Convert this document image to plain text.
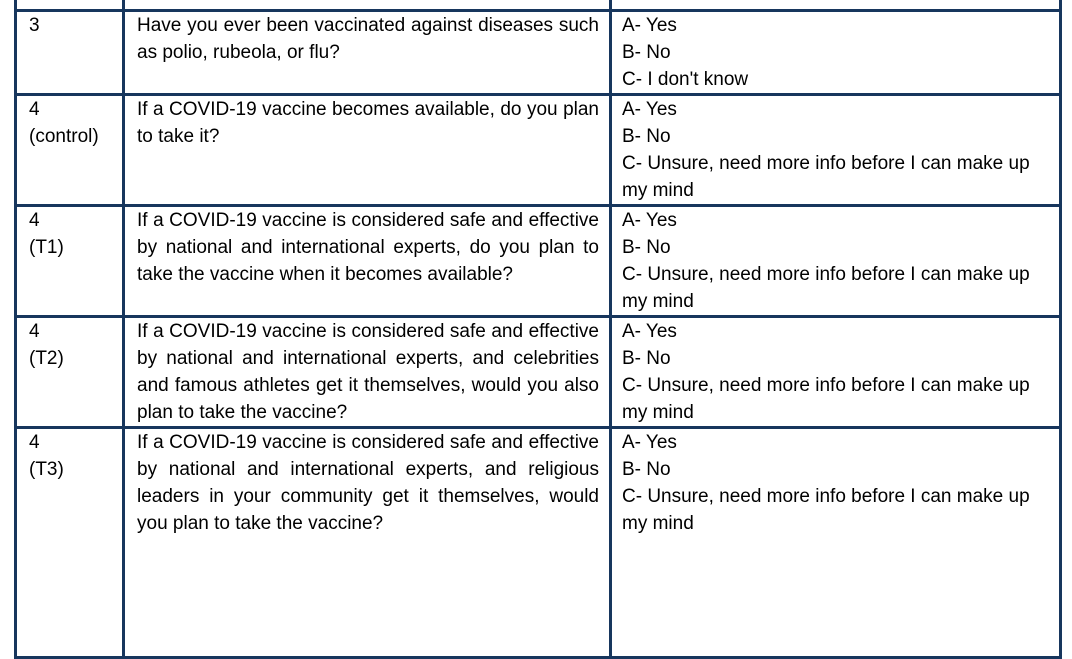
3	Have you ever been vaccinated against diseases such as polio, rubeola, or flu?	A- Yes
B- No
C- I don't know

4
(control)	If a COVID-19 vaccine becomes available, do you plan to take it?	A- Yes
B- No
C- Unsure, need more info before I can make up my mind

4
(T1)	If a COVID-19 vaccine is considered safe and effective by national and international experts, do you plan to take the vaccine when it becomes available?	A- Yes
B- No
C- Unsure, need more info before I can make up my mind

4
(T2)	If a COVID-19 vaccine is considered safe and effective by national and international experts, and celebrities and famous athletes get it themselves, would you also plan to take the vaccine?	A- Yes
B- No
C- Unsure, need more info before I can make up my mind

4
(T3)	If a COVID-19 vaccine is considered safe and effective by national and international experts, and religious leaders in your community get it themselves, would you plan to take the vaccine?	A- Yes
B- No
C- Unsure, need more info before I can make up my mind
